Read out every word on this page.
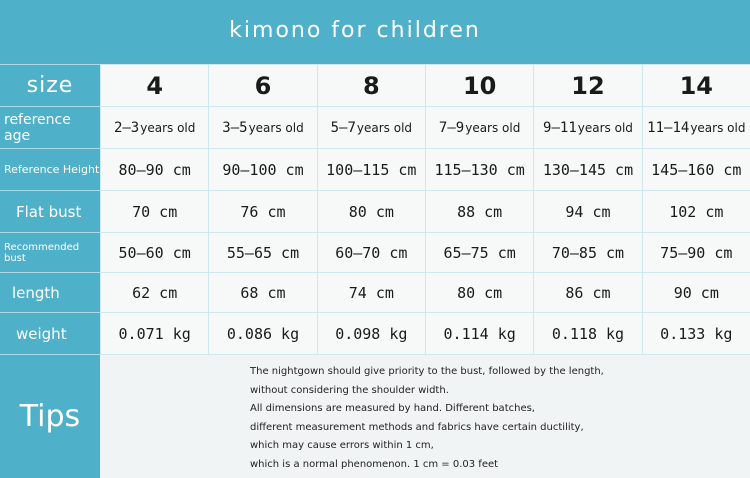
kimono for children
size	4	6	8	10	12	14
reference age	2–3 years old 3–5 years old 5–7 years old 7–9 years old 9–11 years old 11–14 years old
Reference Height	80–90 cm	90–100 cm	100–115 cm	115–130 cm	130–145 cm	145–160 cm
Flat bust	70 cm	76 cm	80 cm	88 cm	94 cm	102 cm
Recommended bust	50–60 cm	55–65 cm	60–70 cm	65–75 cm	70–85 cm	75–90 cm
length	62 cm	68 cm	74 cm	80 cm	86 cm	90 cm
weight	0.071 kg	0.086 kg	0.098 kg	0.114 kg	0.118 kg	0.133 kg
Tips
The nightgown should give priority to the bust, followed by the length,
without considering the shoulder width.
All dimensions are measured by hand. Different batches,
different measurement methods and fabrics have certain ductility,
which may cause errors within 1 cm,
which is a normal phenomenon. 1 cm = 0.03 feet
